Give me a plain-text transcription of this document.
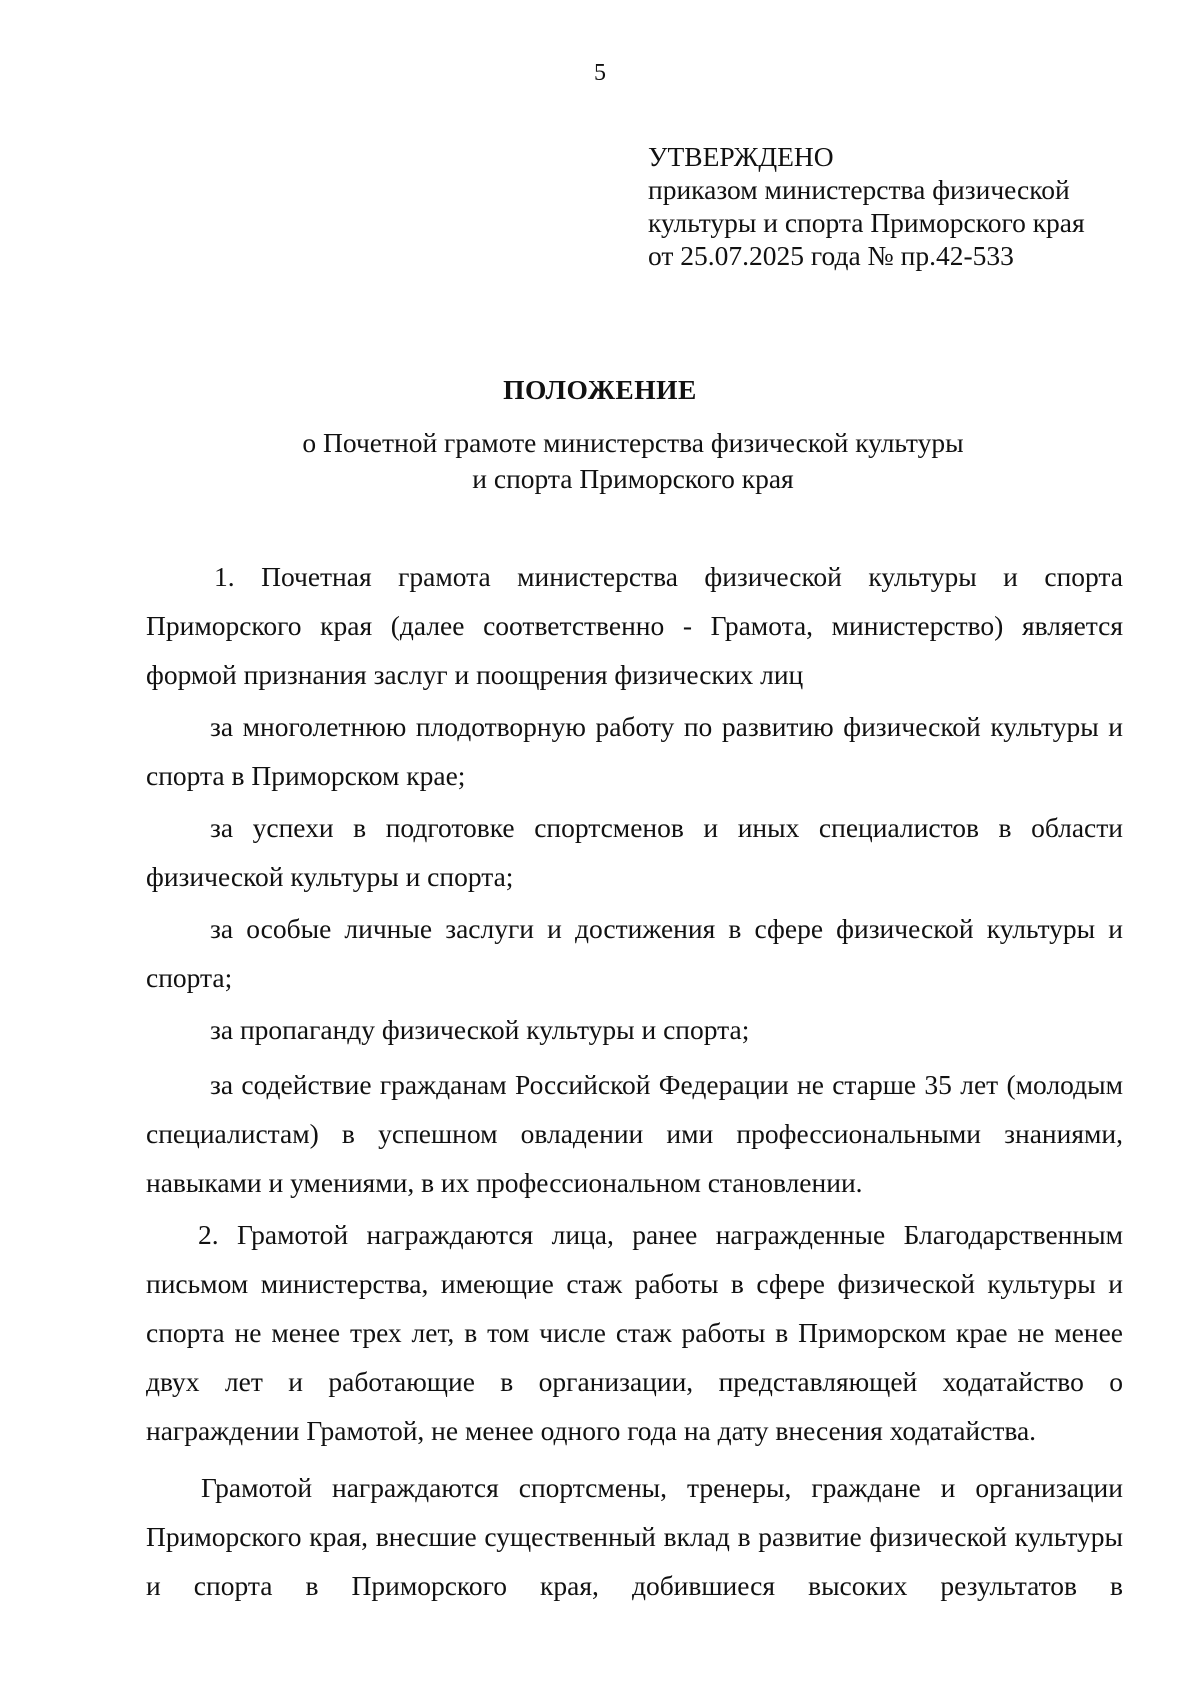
5
УТВЕРЖДЕНО
приказом министерства физической
культуры и спорта Приморского края
от 25.07.2025 года № пр.42-533
ПОЛОЖЕНИЕ
о Почетной грамоте министерства физической культуры
и спорта Приморского края

1. Почетная грамота министерства физической культуры и спорта Приморского края (далее соответственно - Грамота, министерство) является формой признания заслуг и поощрения физических лиц

за многолетнюю плодотворную работу по развитию физической культуры и спорта в Приморском крае;

за успехи в подготовке спортсменов и иных специалистов в области физической культуры и спорта;

за особые личные заслуги и достижения в сфере физической культуры и спорта;

за пропаганду физической культуры и спорта;

за содействие гражданам Российской Федерации не старше 35 лет (молодым специалистам) в успешном овладении ими профессиональными знаниями, навыками и умениями, в их профессиональном становлении.

2. Грамотой награждаются лица, ранее награжденные Благодарственным письмом министерства, имеющие стаж работы в сфере физической культуры и спорта не менее трех лет, в том числе стаж работы в Приморском крае не менее двух лет и работающие в организации, представляющей ходатайство о награждении Грамотой, не менее одного года на дату внесения ходатайства.

Грамотой награждаются спортсмены, тренеры, граждане и организации Приморского края, внесшие существенный вклад в развитие физической культуры и спорта в Приморского края, добившиеся высоких результатов в
